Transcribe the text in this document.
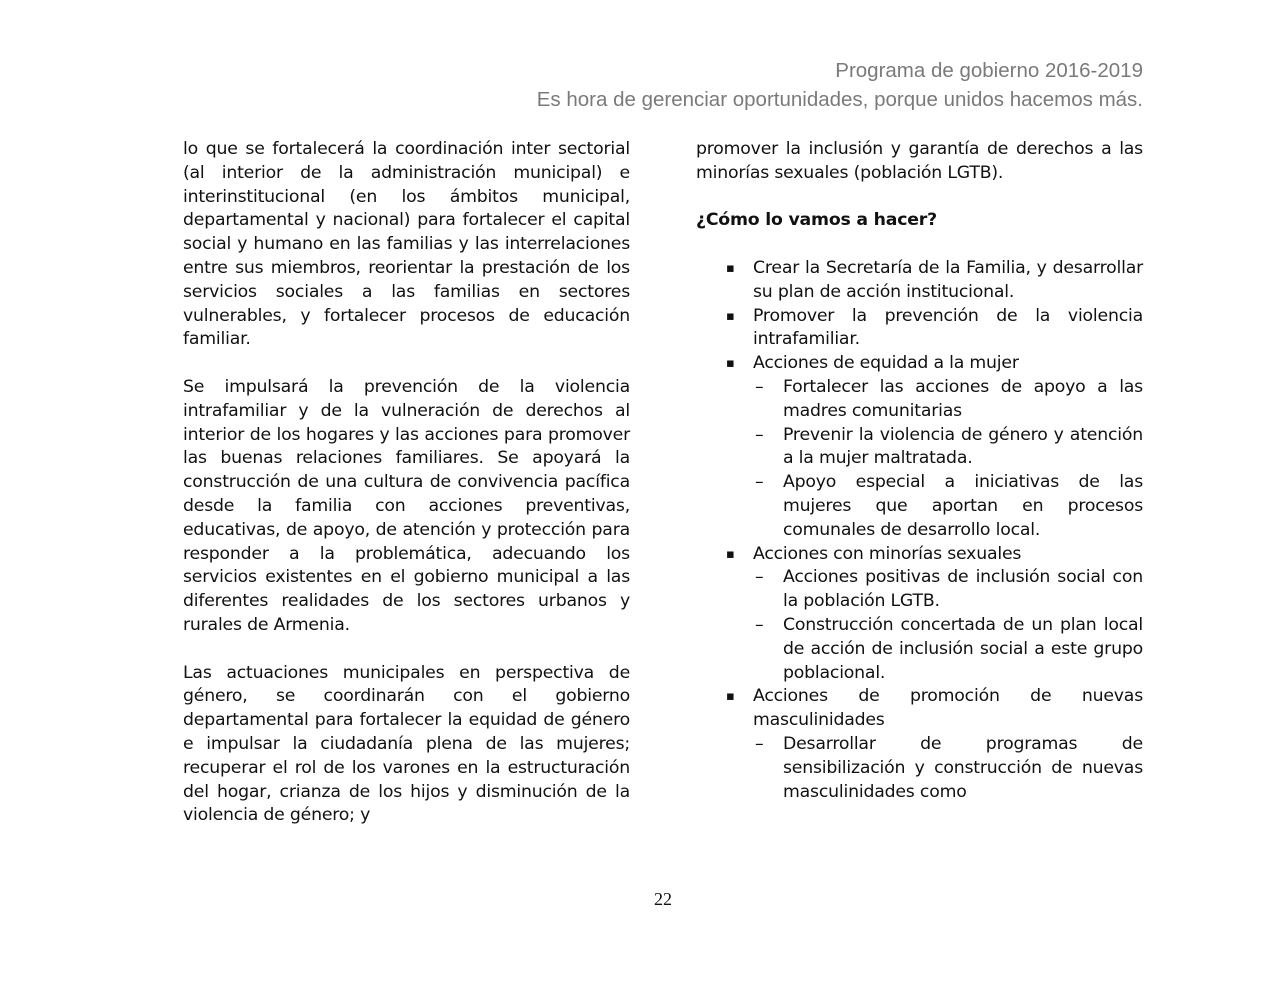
Programa de gobierno 2016-2019
Es hora de gerenciar oportunidades, porque unidos hacemos más.

lo que se fortalecerá la coordinación inter sectorial (al interior de la administración municipal) e interinstitucional (en los ámbitos municipal, departamental y nacional) para fortalecer el capital social y humano en las familias y las interrelaciones entre sus miembros, reorientar la prestación de los servicios sociales a las familias en sectores vulnerables, y fortalecer procesos de educación familiar.

Se impulsará la prevención de la violencia intrafamiliar y de la vulneración de derechos al interior de los hogares y las acciones para promover las buenas relaciones familiares. Se apoyará la construcción de una cultura de convivencia pacífica desde la familia con acciones preventivas, educativas, de apoyo, de atención y protección para responder a la problemática, adecuando los servicios existentes en el gobierno municipal a las diferentes realidades de los sectores urbanos y rurales de Armenia.

Las actuaciones municipales en perspectiva de género, se coordinarán con el gobierno departamental para fortalecer la equidad de género e impulsar la ciudadanía plena de las mujeres; recuperar el rol de los varones en la estructuración del hogar, crianza de los hijos y disminución de la violencia de género; y

promover la inclusión y garantía de derechos a las minorías sexuales (población LGTB).

¿Cómo lo vamos a hacer?
▪ Crear la Secretaría de la Familia, y desarrollar su plan de acción institucional.
▪ Promover la prevención de la violencia intrafamiliar.
▪ Acciones de equidad a la mujer
– Fortalecer las acciones de apoyo a las madres comunitarias
– Prevenir la violencia de género y atención a la mujer maltratada.
– Apoyo especial a iniciativas de las mujeres que aportan en procesos comunales de desarrollo local.
▪ Acciones con minorías sexuales
– Acciones positivas de inclusión social con la población LGTB.
– Construcción concertada de un plan local de acción de inclusión social a este grupo poblacional.
▪ Acciones de promoción de nuevas masculinidades
– Desarrollar de programas de sensibilización y construcción de nuevas masculinidades como
22
